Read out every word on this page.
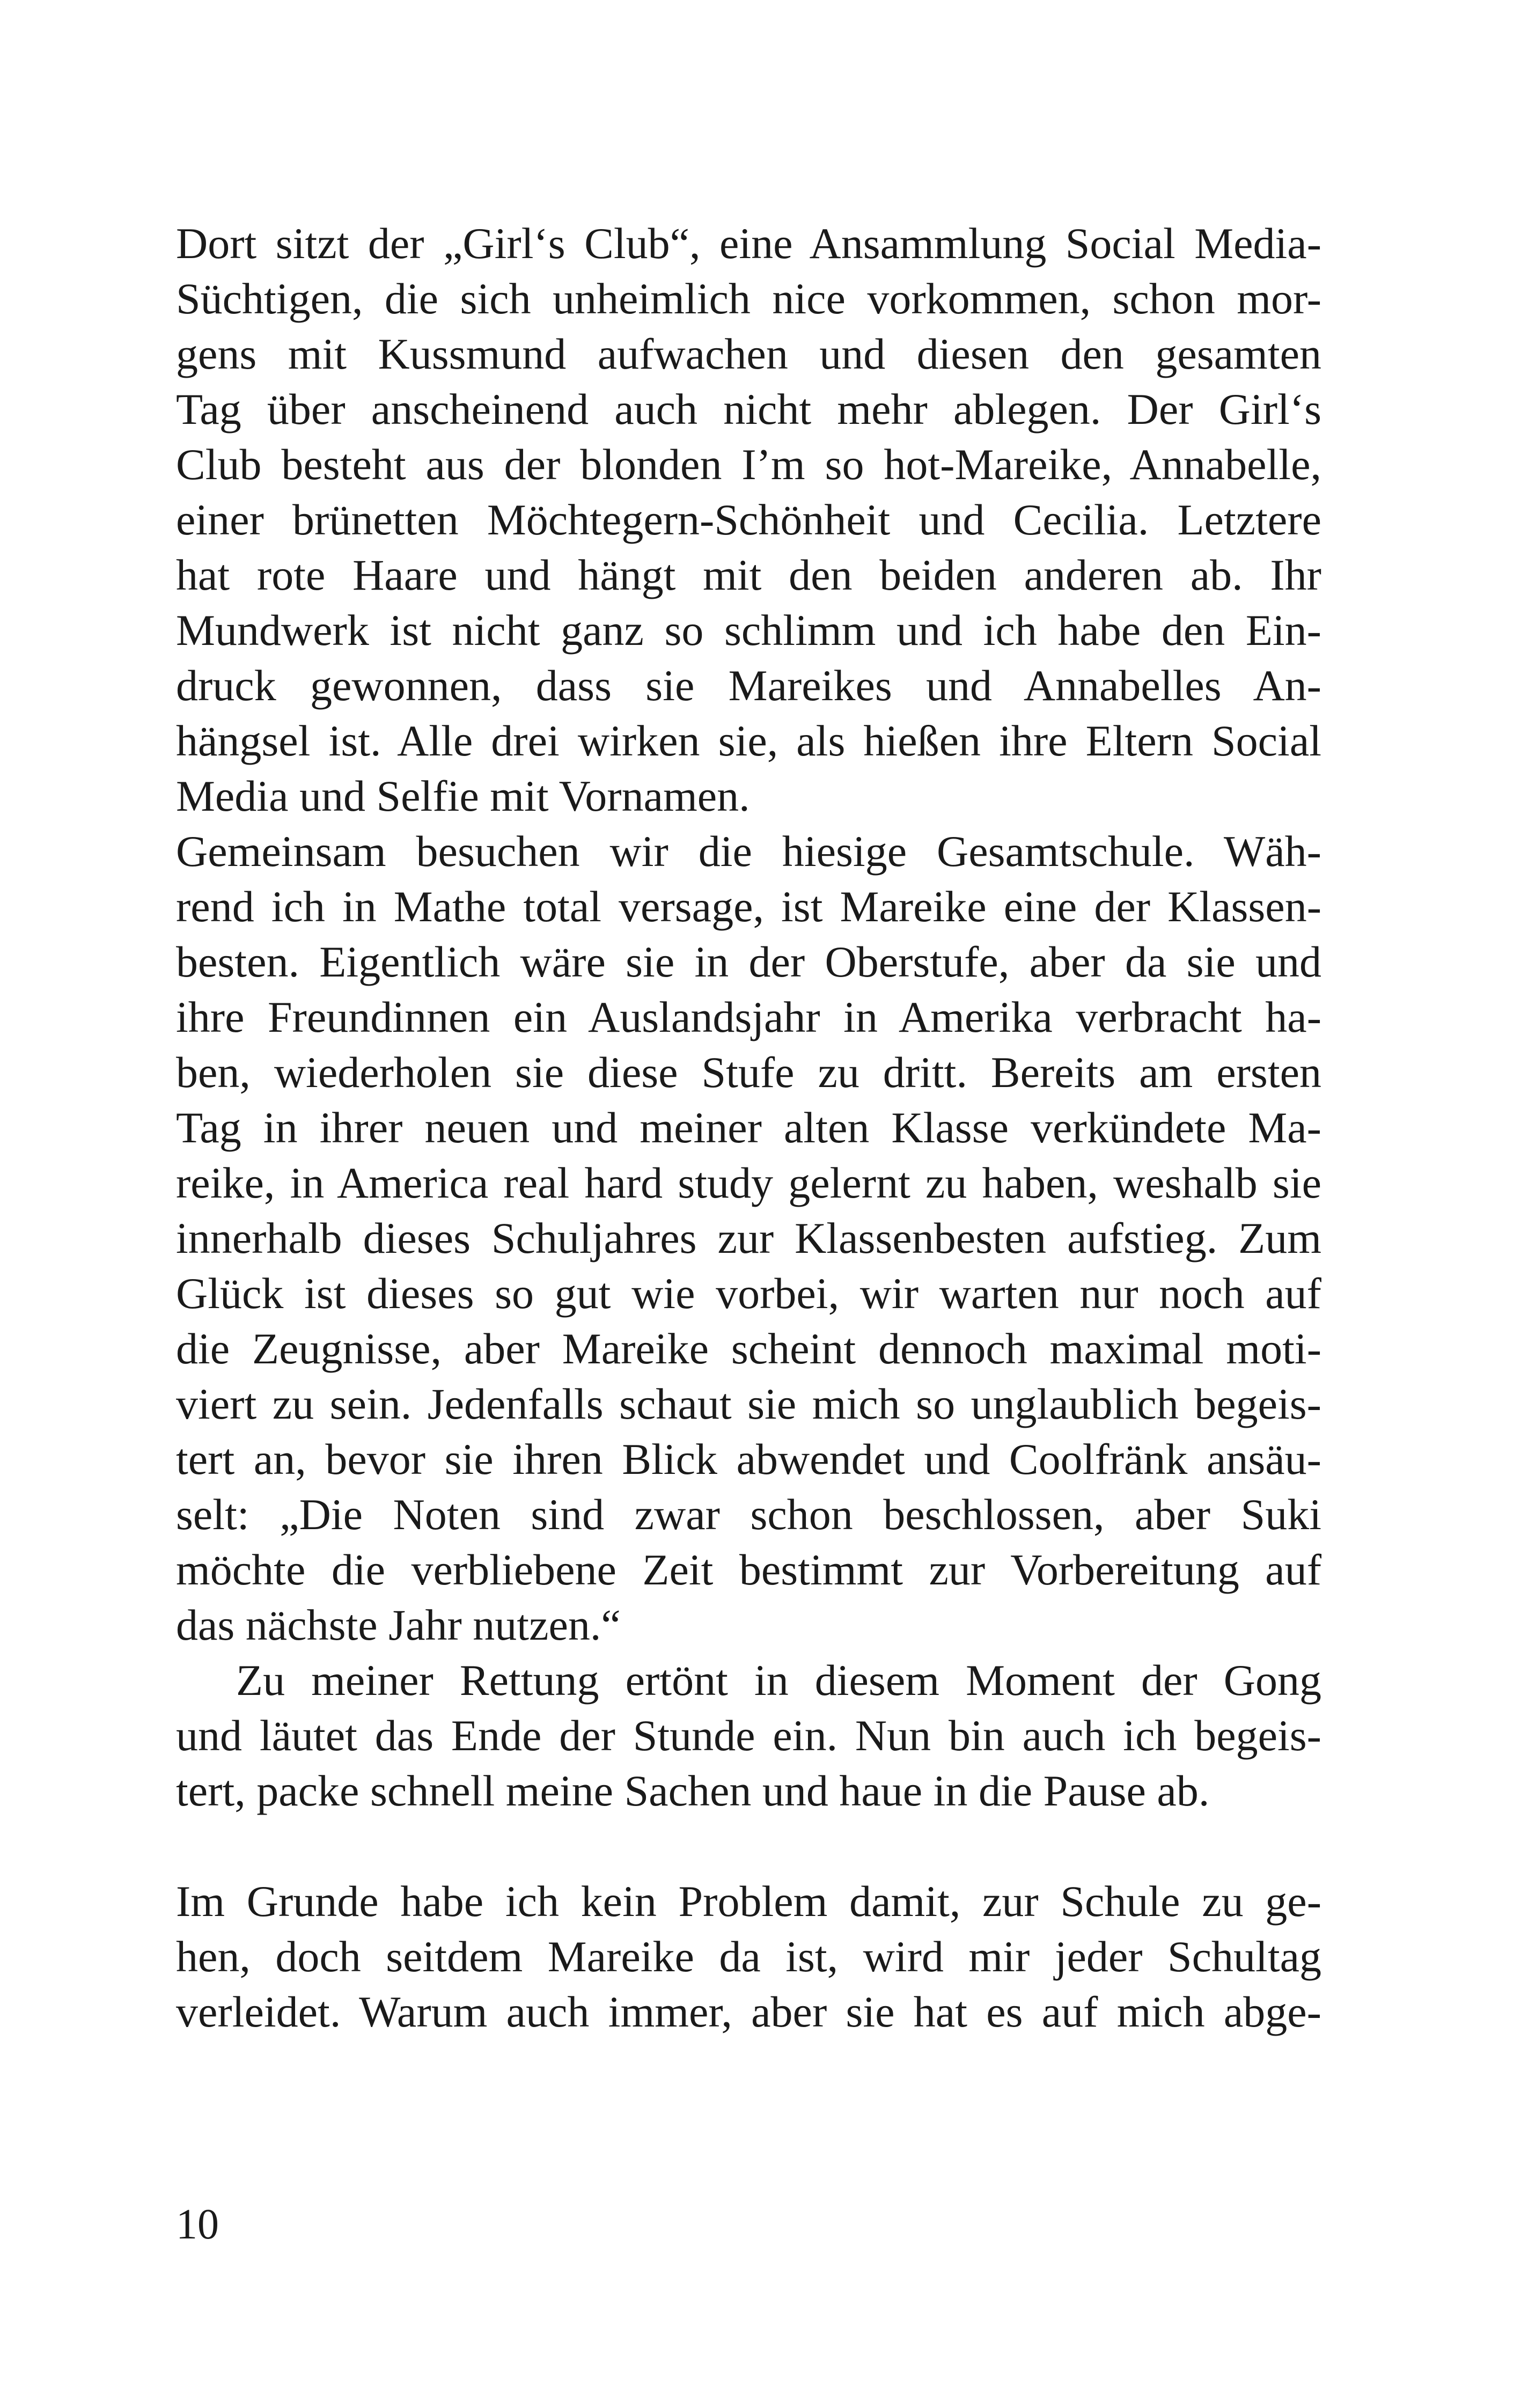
Dort sitzt der „Girl‘s Club“, eine Ansammlung Social Media-
Süchtigen, die sich unheimlich nice vorkommen, schon mor-
gens mit Kussmund aufwachen und diesen den gesamten
Tag über anscheinend auch nicht mehr ablegen. Der Girl‘s
Club besteht aus der blonden I’m so hot-Mareike, Annabelle,
einer brünetten Möchtegern-Schönheit und Cecilia. Letztere
hat rote Haare und hängt mit den beiden anderen ab. Ihr
Mundwerk ist nicht ganz so schlimm und ich habe den Ein-
druck gewonnen, dass sie Mareikes und Annabelles An-
hängsel ist. Alle drei wirken sie, als hießen ihre Eltern Social
Media und Selfie mit Vornamen.
Gemeinsam besuchen wir die hiesige Gesamtschule. Wäh-
rend ich in Mathe total versage, ist Mareike eine der Klassen-
besten. Eigentlich wäre sie in der Oberstufe, aber da sie und
ihre Freundinnen ein Auslandsjahr in Amerika verbracht ha-
ben, wiederholen sie diese Stufe zu dritt. Bereits am ersten
Tag in ihrer neuen und meiner alten Klasse verkündete Ma-
reike, in America real hard study gelernt zu haben, weshalb sie
innerhalb dieses Schuljahres zur Klassenbesten aufstieg. Zum
Glück ist dieses so gut wie vorbei, wir warten nur noch auf
die Zeugnisse, aber Mareike scheint dennoch maximal moti-
viert zu sein. Jedenfalls schaut sie mich so unglaublich begeis-
tert an, bevor sie ihren Blick abwendet und Coolfränk ansäu-
selt: „Die Noten sind zwar schon beschlossen, aber Suki
möchte die verbliebene Zeit bestimmt zur Vorbereitung auf
das nächste Jahr nutzen.“
Zu meiner Rettung ertönt in diesem Moment der Gong
und läutet das Ende der Stunde ein. Nun bin auch ich begeis-
tert, packe schnell meine Sachen und haue in die Pause ab.
Im Grunde habe ich kein Problem damit, zur Schule zu ge-
hen, doch seitdem Mareike da ist, wird mir jeder Schultag
verleidet. Warum auch immer, aber sie hat es auf mich abge-
10
